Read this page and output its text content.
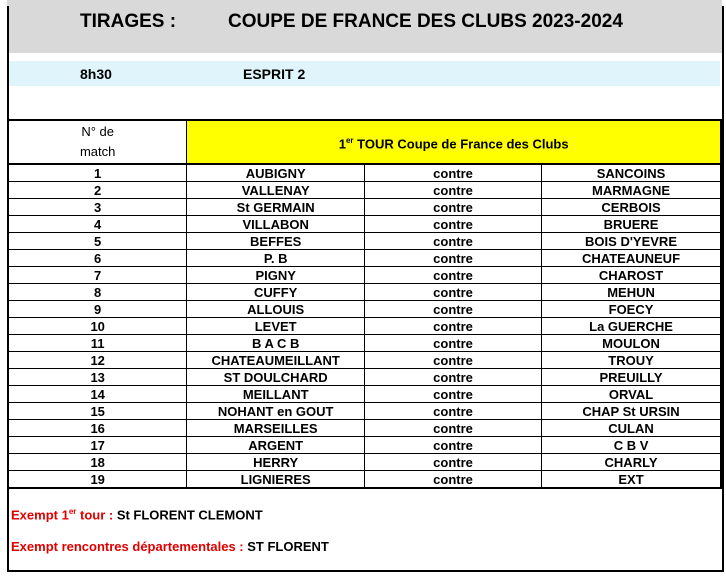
TIRAGES :	COUPE DE FRANCE DES CLUBS 2023-2024
8h30	ESPRIT 2
N° de match	1er TOUR Coupe de France des Clubs		
1	AUBIGNY	contre	SANCOINS
2	VALLENAY	contre	MARMAGNE
3	St GERMAIN	contre	CERBOIS
4	VILLABON	contre	BRUERE
5	BEFFES	contre	BOIS D'YEVRE
6	P. B	contre	CHATEAUNEUF
7	PIGNY	contre	CHAROST
8	CUFFY	contre	MEHUN
9	ALLOUIS	contre	FOECY
10	LEVET	contre	La GUERCHE
11	B A C B	contre	MOULON
12	CHATEAUMEILLANT	contre	TROUY
13	ST DOULCHARD	contre	PREUILLY
14	MEILLANT	contre	ORVAL
15	NOHANT en GOUT	contre	CHAP St URSIN
16	MARSEILLES	contre	CULAN
17	ARGENT	contre	C B V
18	HERRY	contre	CHARLY
19	LIGNIERES	contre	EXT
Exempt 1er tour : St FLORENT CLEMONT
Exempt rencontres départementales : ST FLORENT
